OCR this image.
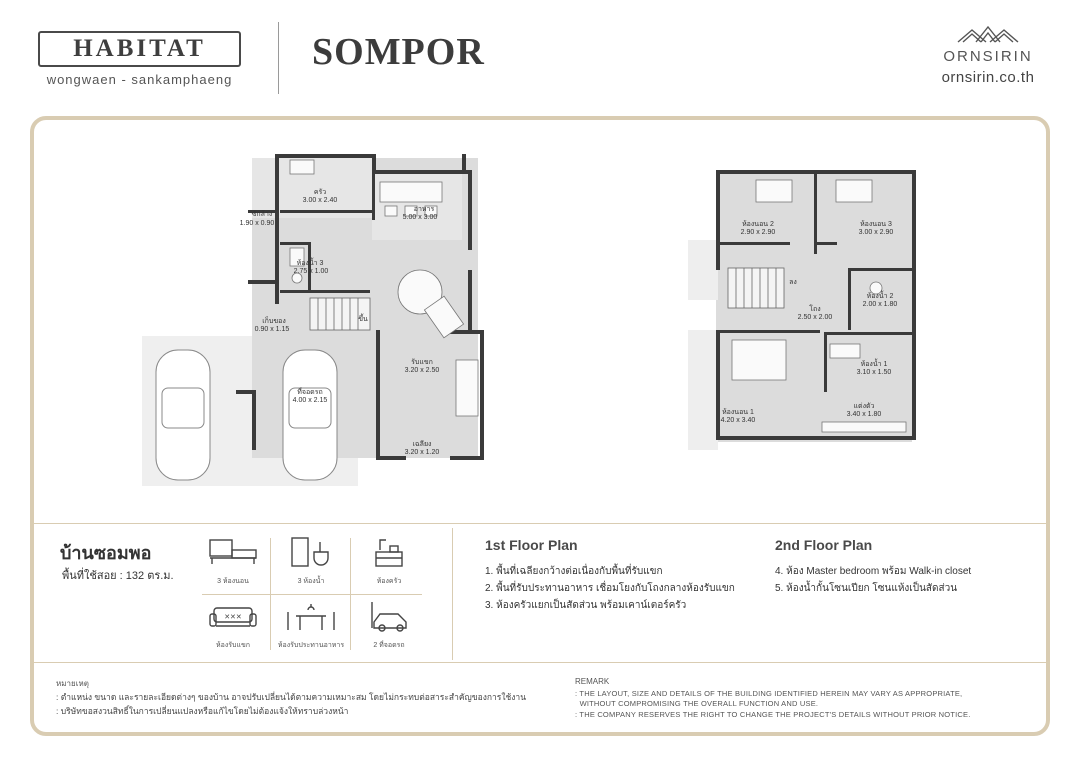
HABITAT
wongwaen - sankamphaeng
SOMPOR	ORNSIRIN
ornsirin.co.th
ครัว
3.00 x 2.40
ซักล้าง
1.90 x 0.90
อาหาร
5.00 x 3.00
ห้องน้ำ 3
2.75 x 1.00
เก็บของ
0.90 x 1.15
ขึ้น
รับแขก
3.20 x 2.50
ที่จอดรถ
4.00 x 2.15
เฉลียง
3.20 x 1.20
ห้องนอน 2
2.90 x 2.90
ห้องนอน 3
3.00 x 2.90
ลง
โถง
2.50 x 2.00
ห้องน้ำ 2
2.00 x 1.80
ห้องน้ำ 1
3.10 x 1.50
ห้องนอน 1
4.20 x 3.40
แต่งตัว
3.40 x 1.80
บ้านซอมพอ
พื้นที่ใช้สอย : 132 ตร.ม.	3 ห้องนอน	3 ห้องน้ำ	ห้องครัว
✕✕✕
ห้องรับแขก	ห้องรับประทานอาหาร	2 ที่จอดรถ
1st Floor Plan
1. พื้นที่เฉลียงกว้างต่อเนื่องกับพื้นที่รับแขก
2. พื้นที่รับประทานอาหาร เชื่อมโยงกับโถงกลางห้องรับแขก
3. ห้องครัวแยกเป็นสัดส่วน พร้อมเคาน์เตอร์ครัว
2nd Floor Plan
4. ห้อง Master bedroom พร้อม Walk-in closet
5. ห้องน้ำกั้นโซนเปียก โซนแห้งเป็นสัดส่วน
หมายเหตุ
: ตำแหน่ง ขนาด และรายละเอียดต่างๆ ของบ้าน อาจปรับเปลี่ยนได้ตามความเหมาะสม โดยไม่กระทบต่อสาระสำคัญของการใช้งาน
: บริษัทขอสงวนสิทธิ์ในการเปลี่ยนแปลงหรือแก้ไขโดยไม่ต้องแจ้งให้ทราบล่วงหน้า
REMARK
: THE LAYOUT, SIZE AND DETAILS OF THE BUILDING IDENTIFIED HEREIN MAY VARY AS APPROPRIATE,
WITHOUT COMPROMISING THE OVERALL FUNCTION AND USE.
: THE COMPANY RESERVES THE RIGHT TO CHANGE THE PROJECT'S DETAILS WITHOUT PRIOR NOTICE.
